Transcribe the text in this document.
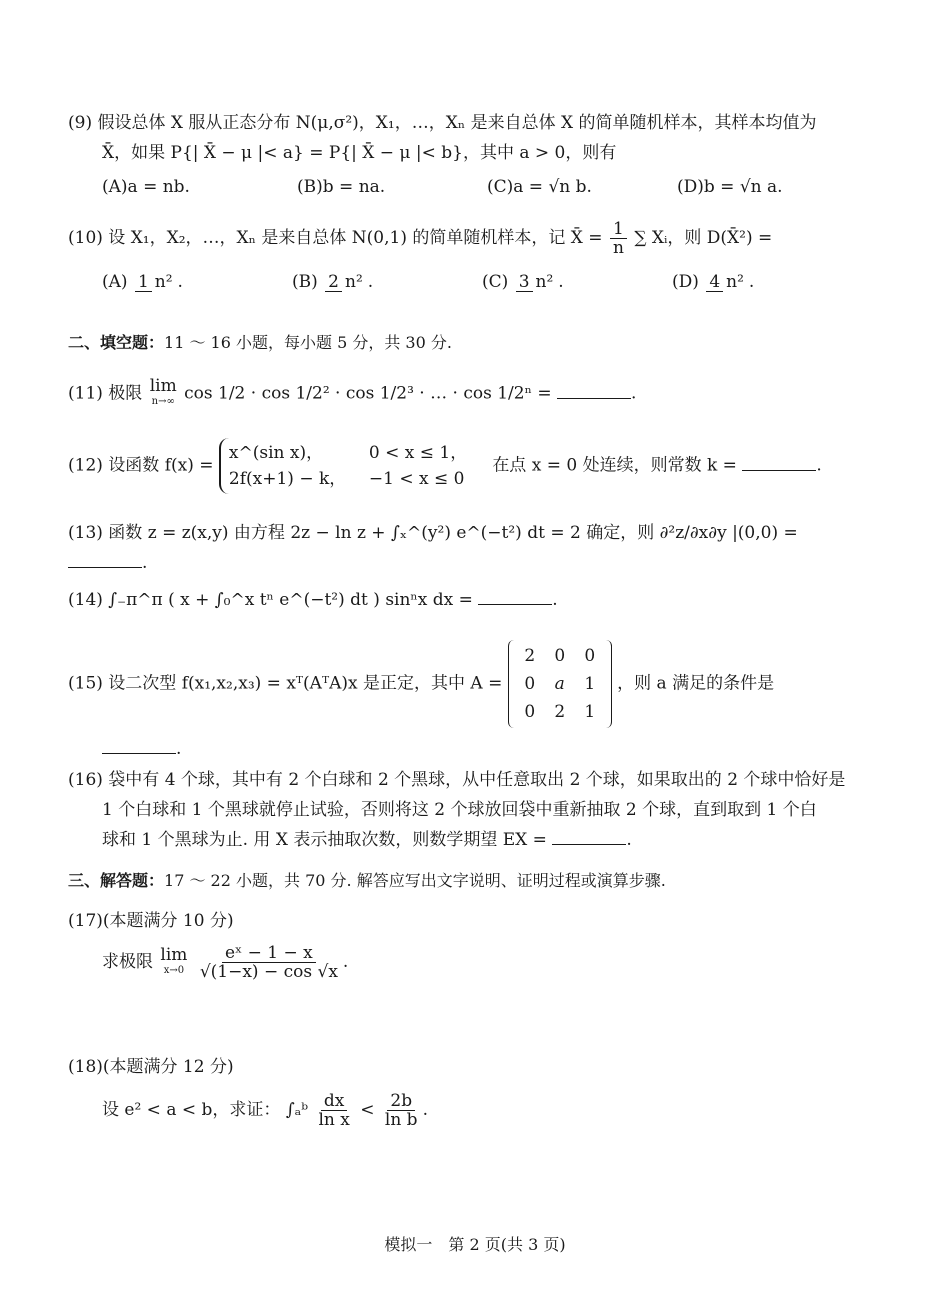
(9) 假设总体 X 服从正态分布 N(μ,σ²)，X₁，…，Xₙ 是来自总体 X 的简单随机样本，其样本均值为
X̄，如果 P{| X̄ − μ |< a} = P{| X̄ − μ |< b}，其中 a > 0，则有
(A)a = nb.	(B)b = na.	(C)a = √n b.	(D)b = √n a.
(10) 设 X₁，X₂，…，Xₙ 是来自总体 N(0,1) 的简单随机样本，记 X̄ = $\frac{1}{n}$ ∑ Xᵢ，则 D(X̄²) =
(A) 1 n² .	(B) 2 n² .	(C) 3 n² .	(D) 4 n² .
二、填空题：11 ～ 16 小题，每小题 5 分，共 30 分.
(11) 极限 lim
n→∞ cos 1/2 · cos 1/2² · cos 1/2³ · … · cos 1/2ⁿ =	.
(12) 设函数 f(x) =
x^(sin x)，	0 < x ≤ 1，
2f(x+1) − k，	−1 < x ≤ 0
在点 x = 0 处连续，则常数 k =	.
(13) 函数 z = z(x,y) 由方程 2z − ln z + ∫ₓ^(y²) e^(−t²) dt = 2 确定，则 ∂²z/∂x∂y |(0,0) = .
(14) ∫₋π^π ( x + ∫₀^x tⁿ e^(−t²) dt ) sinⁿx dx =	.
(15) 设二次型 f(x₁,x₂,x₃) = xᵀ(AᵀA)x 是正定，其中 A =
2	0	0
0	a	1
0	2	1
，则 a 满足的条件是
.
(16) 袋中有 4 个球，其中有 2 个白球和 2 个黑球，从中任意取出 2 个球，如果取出的 2 个球中恰好是
1 个白球和 1 个黑球就停止试验，否则将这 2 个球放回袋中重新抽取 2 个球，直到取到 1 个白
球和 1 个黑球为止. 用 X 表示抽取次数，则数学期望 EX =	.
三、解答题：17 ～ 22 小题，共 70 分. 解答应写出文字说明、证明过程或演算步骤.
(17)(本题满分 10 分)
求极限 lim
x→0
$\frac{\text{eˣ − 1 − x}}{√(1-x) - \cos √x}$ .
(18)(本题满分 12 分)
设 e² < a < b，求证： ∫ₐᵇ $\frac{dx}{\text{ln x}} < \frac{2b}{\text{ln b}}$ .
模拟一　第 2 页(共 3 页)
